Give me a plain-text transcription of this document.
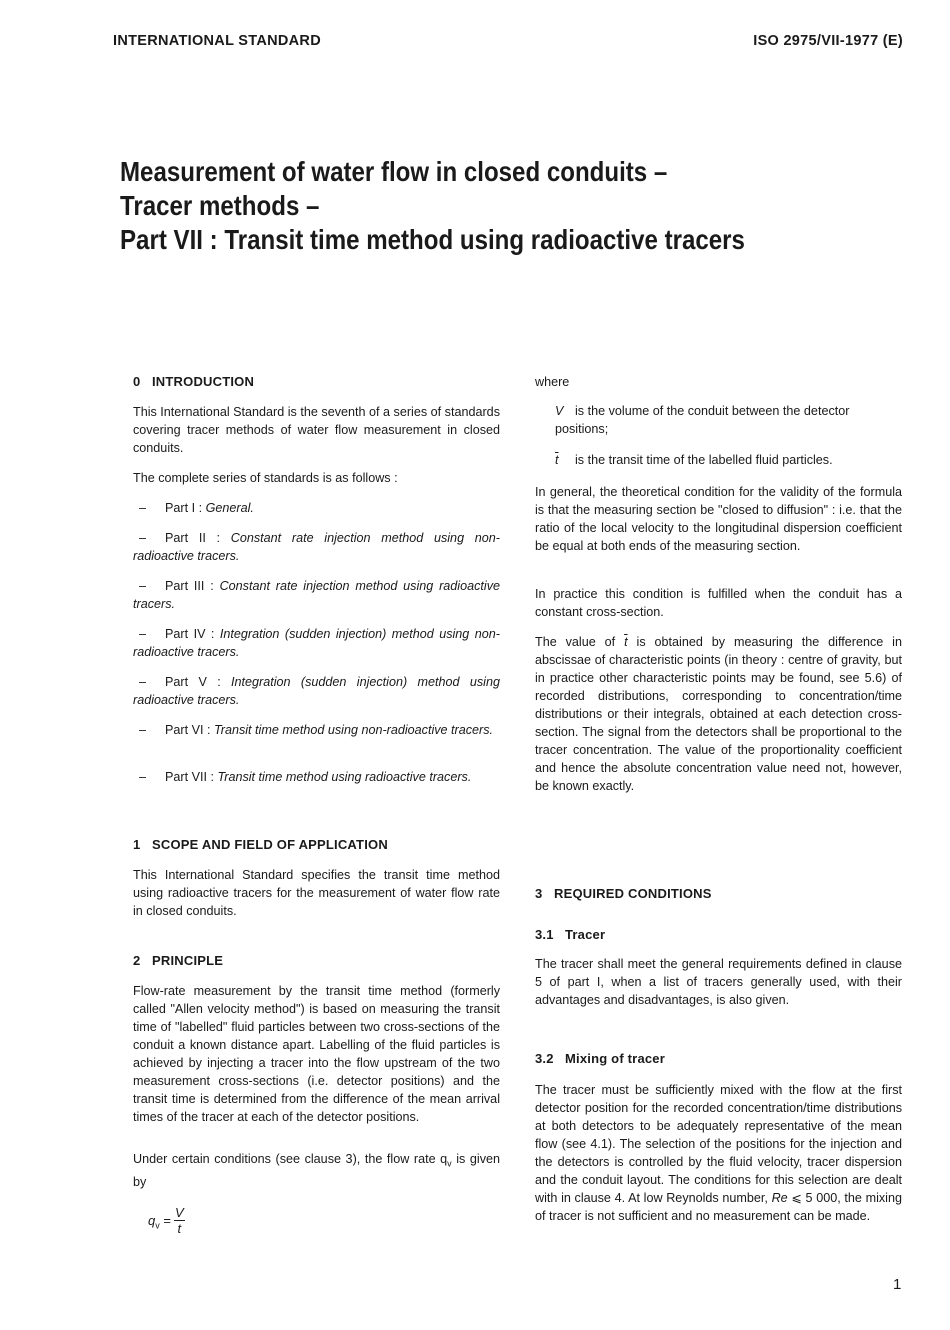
INTERNATIONAL STANDARD	ISO 2975/VII-1977 (E)
Measurement of water flow in closed conduits –
Tracer methods –
Part VII : Transit time method using radioactive tracers
0 INTRODUCTION

This International Standard is the seventh of a series of standards covering tracer methods of water flow measurement in closed conduits.

The complete series of standards is as follows :

– Part I : General.
– Part II : Constant rate injection method using non-radioactive tracers.
– Part III : Constant rate injection method using radioactive tracers.
– Part IV : Integration (sudden injection) method using non-radioactive tracers.
– Part V : Integration (sudden injection) method using radioactive tracers.
– Part VI : Transit time method using non-radioactive tracers.
– Part VII : Transit time method using radioactive tracers.
1 SCOPE AND FIELD OF APPLICATION

This International Standard specifies the transit time method using radioactive tracers for the measurement of water flow rate in closed conduits.

2 PRINCIPLE

Flow-rate measurement by the transit time method (formerly called "Allen velocity method") is based on measuring the transit time of "labelled" fluid particles between two cross-sections of the conduit a known distance apart. Labelling of the fluid particles is achieved by injecting a tracer into the flow upstream of the two measurement cross-sections (i.e. detector positions) and the transit time is determined from the difference of the mean arrival times of the tracer at each of the detector positions.

Under certain conditions (see clause 3), the flow rate $q_v$ is given by

$q_v$ =	V
$\overline{t}$

where

V is the volume of the conduit between the detector positions;
$\overline{t}$ is the transit time of the labelled fluid particles.

In general, the theoretical condition for the validity of the formula is that the measuring section be "closed to diffusion" : i.e. that the ratio of the local velocity to the longitudinal dispersion coefficient be equal at both ends of the measuring section.

In practice this condition is fulfilled when the conduit has a constant cross-section.

The value of $\overline{t}$ is obtained by measuring the difference in abscissae of characteristic points (in theory : centre of gravity, but in practice other characteristic points may be found, see 5.6) of recorded distributions, corresponding to concentration/time distributions or their integrals, obtained at each detection cross-section. The signal from the detectors shall be proportional to the tracer concentration. The value of the proportionality coefficient and hence the absolute concentration value need not, however, be known exactly.

3 REQUIRED CONDITIONS
3.1 Tracer

The tracer shall meet the general requirements defined in clause 5 of part I, when a list of tracers generally used, with their advantages and disadvantages, is also given.

3.2 Mixing of tracer

The tracer must be sufficiently mixed with the flow at the first detector position for the recorded concentration/time distributions at both detectors to be adequately representative of the mean flow (see 4.1). The selection of the positions for the injection and the detectors is controlled by the fluid velocity, tracer dispersion and the conduit layout. The conditions for this selection are dealt with in clause 4. At low Reynolds number, Re ⩽ 5 000, the mixing of tracer is not sufficient and no measurement can be made.

1
